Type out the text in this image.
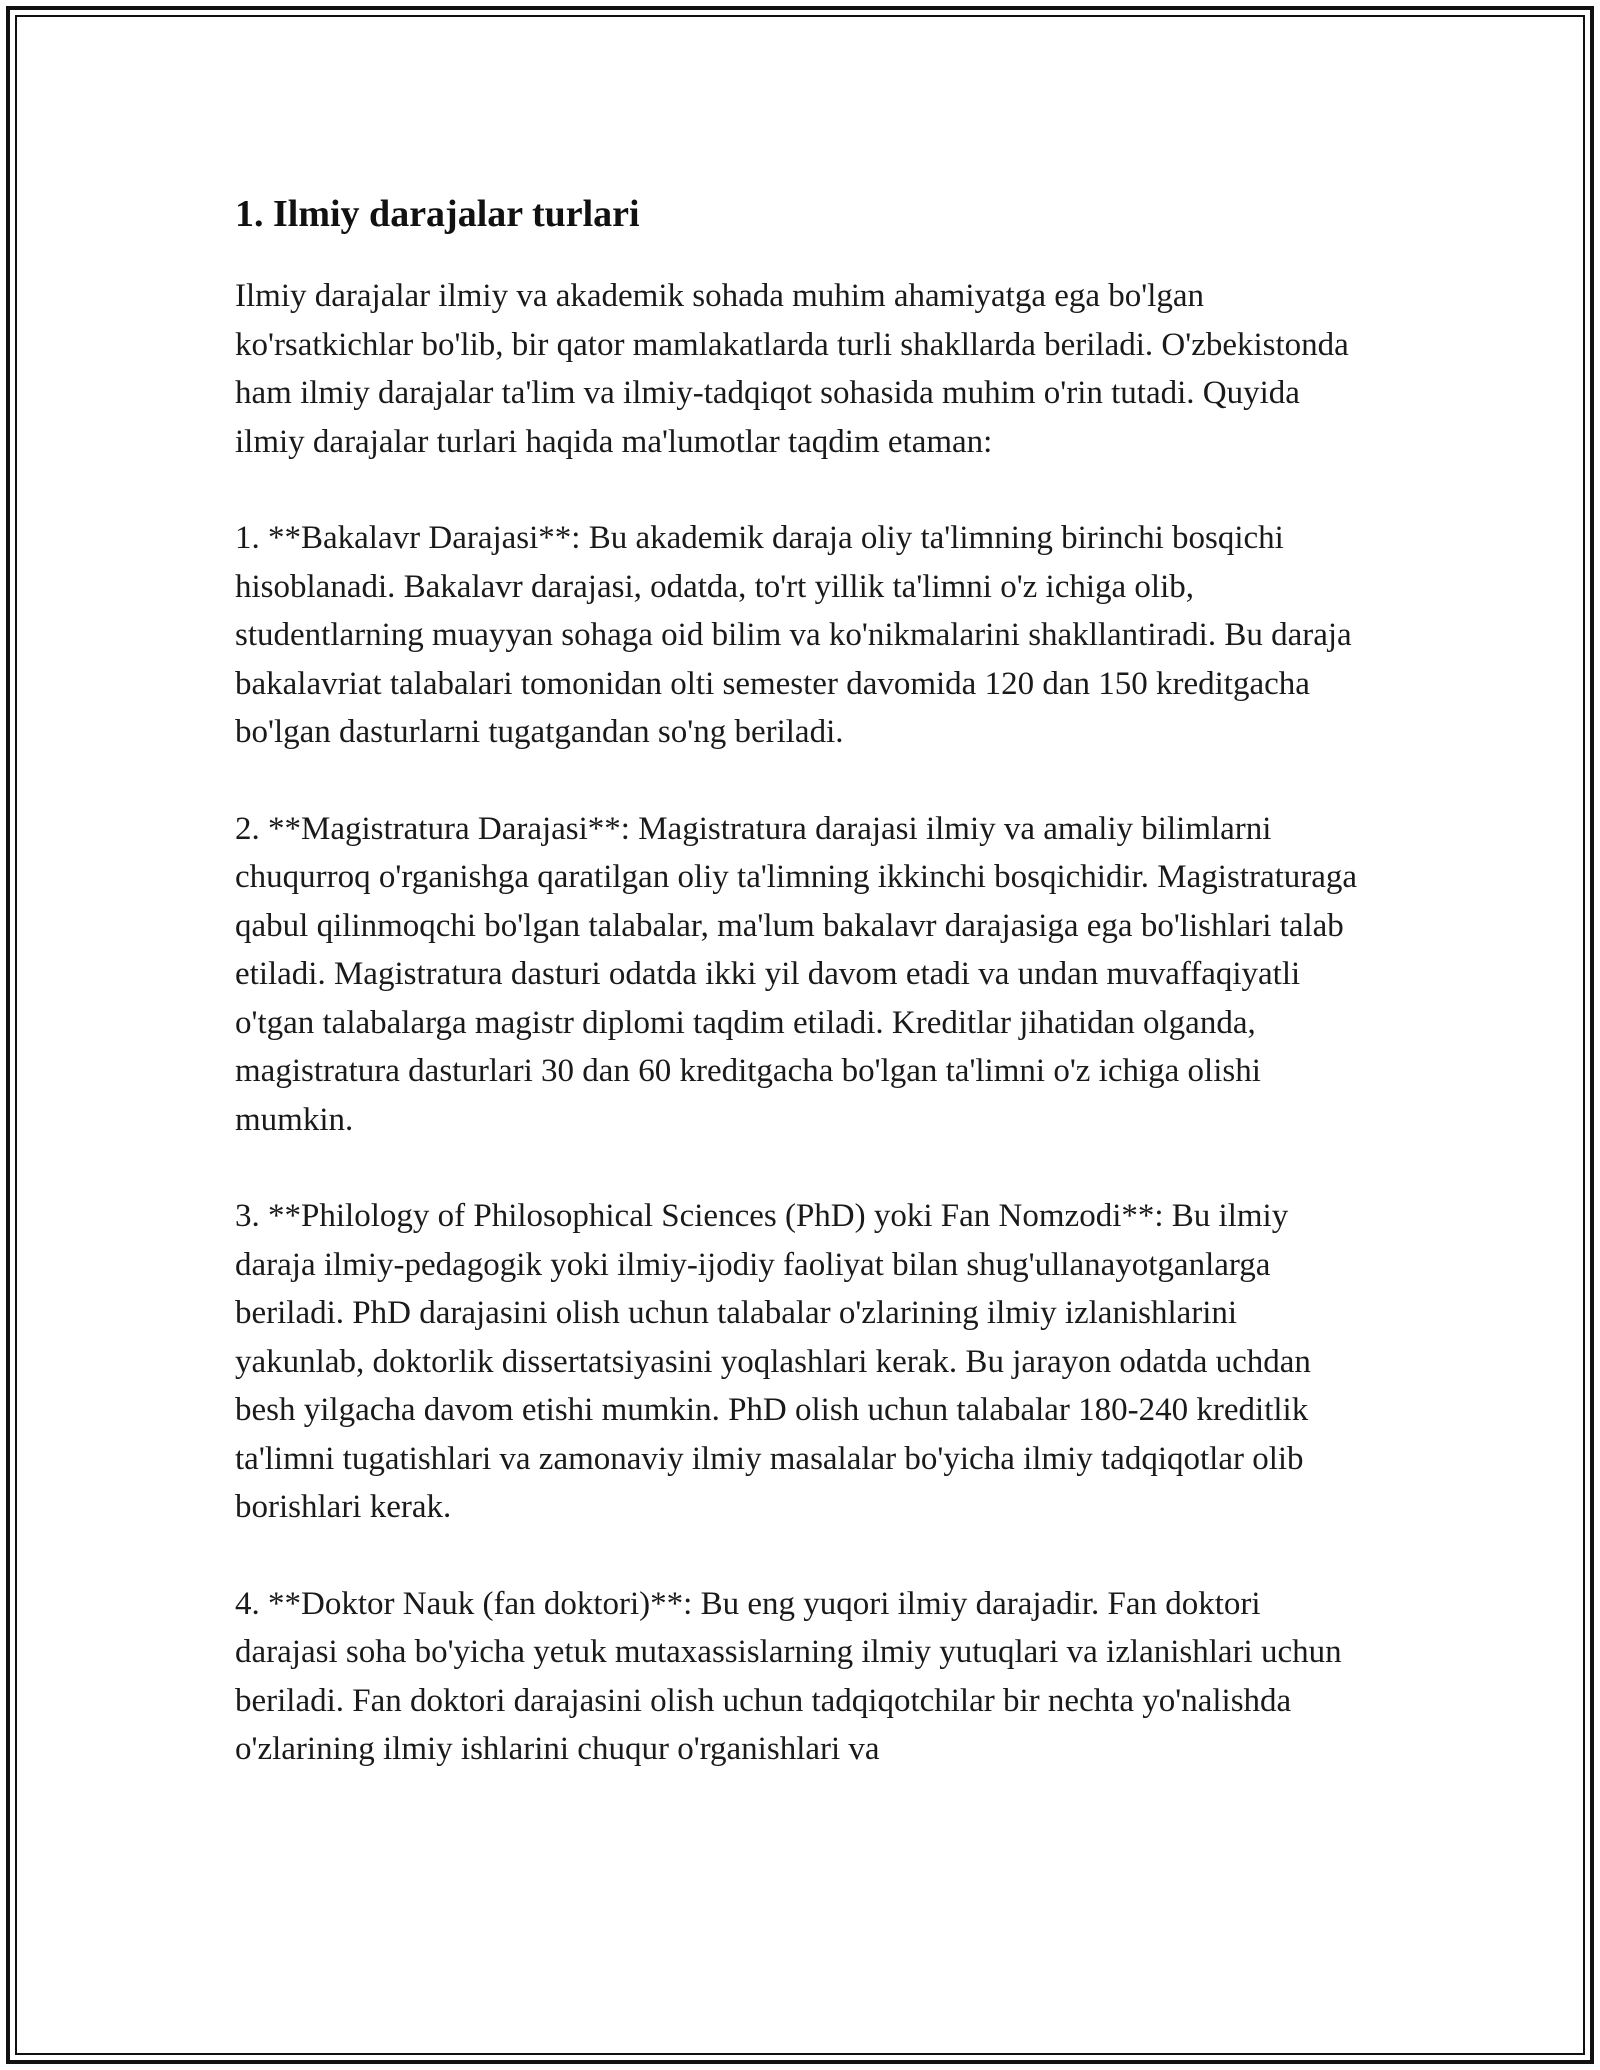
1. Ilmiy darajalar turlari

Ilmiy darajalar ilmiy va akademik sohada muhim ahamiyatga ega bo'lgan ko'rsatkichlar bo'lib, bir qator mamlakatlarda turli shakllarda beriladi. O'zbekistonda ham ilmiy darajalar ta'lim va ilmiy-tadqiqot sohasida muhim o'rin tutadi. Quyida ilmiy darajalar turlari haqida ma'lumotlar taqdim etaman:

1. **Bakalavr Darajasi**: Bu akademik daraja oliy ta'limning birinchi bosqichi hisoblanadi. Bakalavr darajasi, odatda, to'rt yillik ta'limni o'z ichiga olib, studentlarning muayyan sohaga oid bilim va ko'nikmalarini shakllantiradi. Bu daraja bakalavriat talabalari tomonidan olti semester davomida 120 dan 150 kreditgacha bo'lgan dasturlarni tugatgandan so'ng beriladi.

2. **Magistratura Darajasi**: Magistratura darajasi ilmiy va amaliy bilimlarni chuqurroq o'rganishga qaratilgan oliy ta'limning ikkinchi bosqichidir. Magistraturaga qabul qilinmoqchi bo'lgan talabalar, ma'lum bakalavr darajasiga ega bo'lishlari talab etiladi. Magistratura dasturi odatda ikki yil davom etadi va undan muvaffaqiyatli o'tgan talabalarga magistr diplomi taqdim etiladi. Kreditlar jihatidan olganda, magistratura dasturlari 30 dan 60 kreditgacha bo'lgan ta'limni o'z ichiga olishi mumkin.

3. **Philology of Philosophical Sciences (PhD) yoki Fan Nomzodi**: Bu ilmiy daraja ilmiy-pedagogik yoki ilmiy-ijodiy faoliyat bilan shug'ullanayotganlarga beriladi. PhD darajasini olish uchun talabalar o'zlarining ilmiy izlanishlarini yakunlab, doktorlik dissertatsiyasini yoqlashlari kerak. Bu jarayon odatda uchdan besh yilgacha davom etishi mumkin. PhD olish uchun talabalar 180-240 kreditlik ta'limni tugatishlari va zamonaviy ilmiy masalalar bo'yicha ilmiy tadqiqotlar olib borishlari kerak.

4. **Doktor Nauk (fan doktori)**: Bu eng yuqori ilmiy darajadir. Fan doktori darajasi soha bo'yicha yetuk mutaxassislarning ilmiy yutuqlari va izlanishlari uchun beriladi. Fan doktori darajasini olish uchun tadqiqotchilar bir nechta yo'nalishda o'zlarining ilmiy ishlarini chuqur o'rganishlari va
